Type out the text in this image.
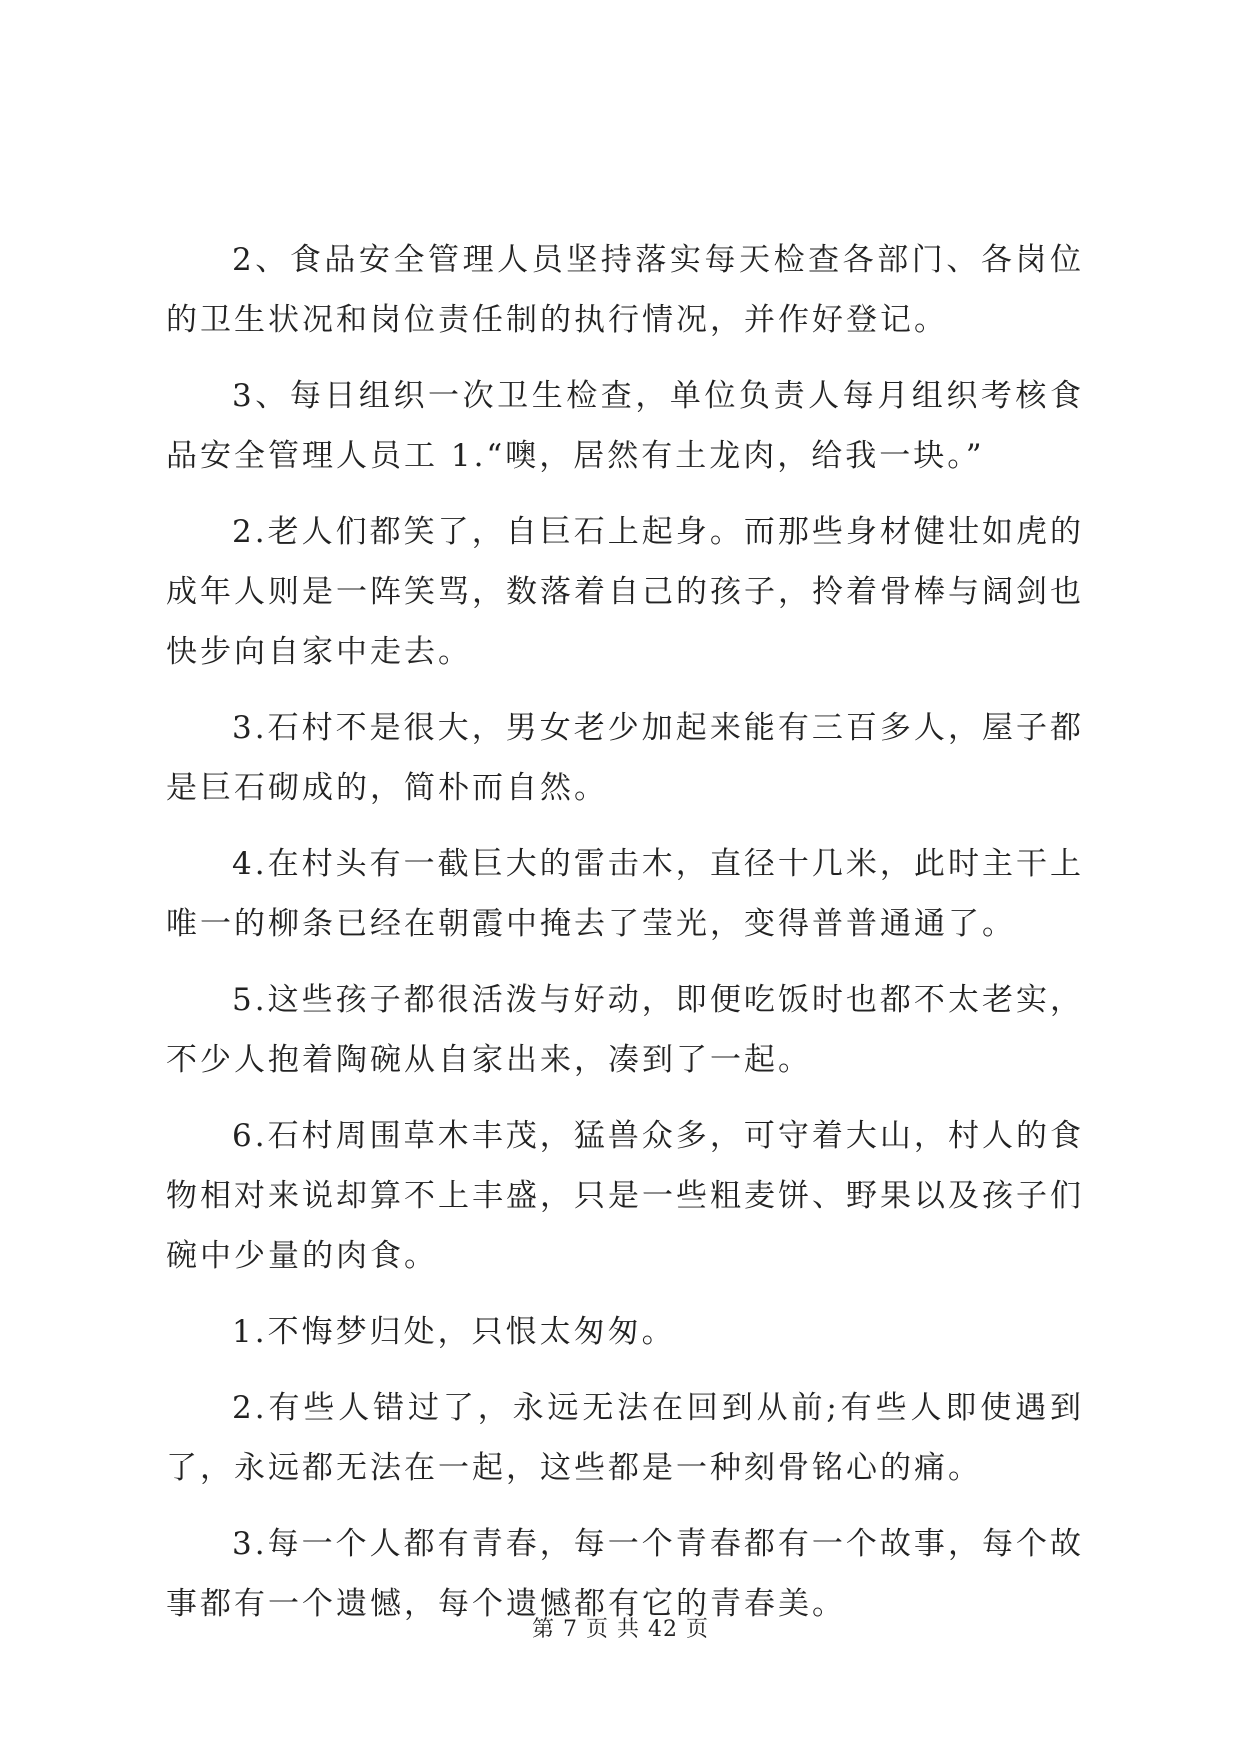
2、食品安全管理人员坚持落实每天检查各部门、各岗位的卫生状况和岗位责任制的执行情况，并作好登记。

3、每日组织一次卫生检查，单位负责人每月组织考核食品安全管理人员工 1.“噢，居然有土龙肉，给我一块。”

2.老人们都笑了，自巨石上起身。而那些身材健壮如虎的成年人则是一阵笑骂，数落着自己的孩子，拎着骨棒与阔剑也快步向自家中走去。

3.石村不是很大，男女老少加起来能有三百多人，屋子都是巨石砌成的，简朴而自然。

4.在村头有一截巨大的雷击木，直径十几米，此时主干上唯一的柳条已经在朝霞中掩去了莹光，变得普普通通了。

5.这些孩子都很活泼与好动，即便吃饭时也都不太老实，不少人抱着陶碗从自家出来，凑到了一起。

6.石村周围草木丰茂，猛兽众多，可守着大山，村人的食物相对来说却算不上丰盛，只是一些粗麦饼、野果以及孩子们碗中少量的肉食。

1.不悔梦归处，只恨太匆匆。

2.有些人错过了，永远无法在回到从前;有些人即使遇到了，永远都无法在一起，这些都是一种刻骨铭心的痛。

3.每一个人都有青春，每一个青春都有一个故事，每个故事都有一个遗憾，每个遗憾都有它的青春美。

第 7 页 共 42 页
